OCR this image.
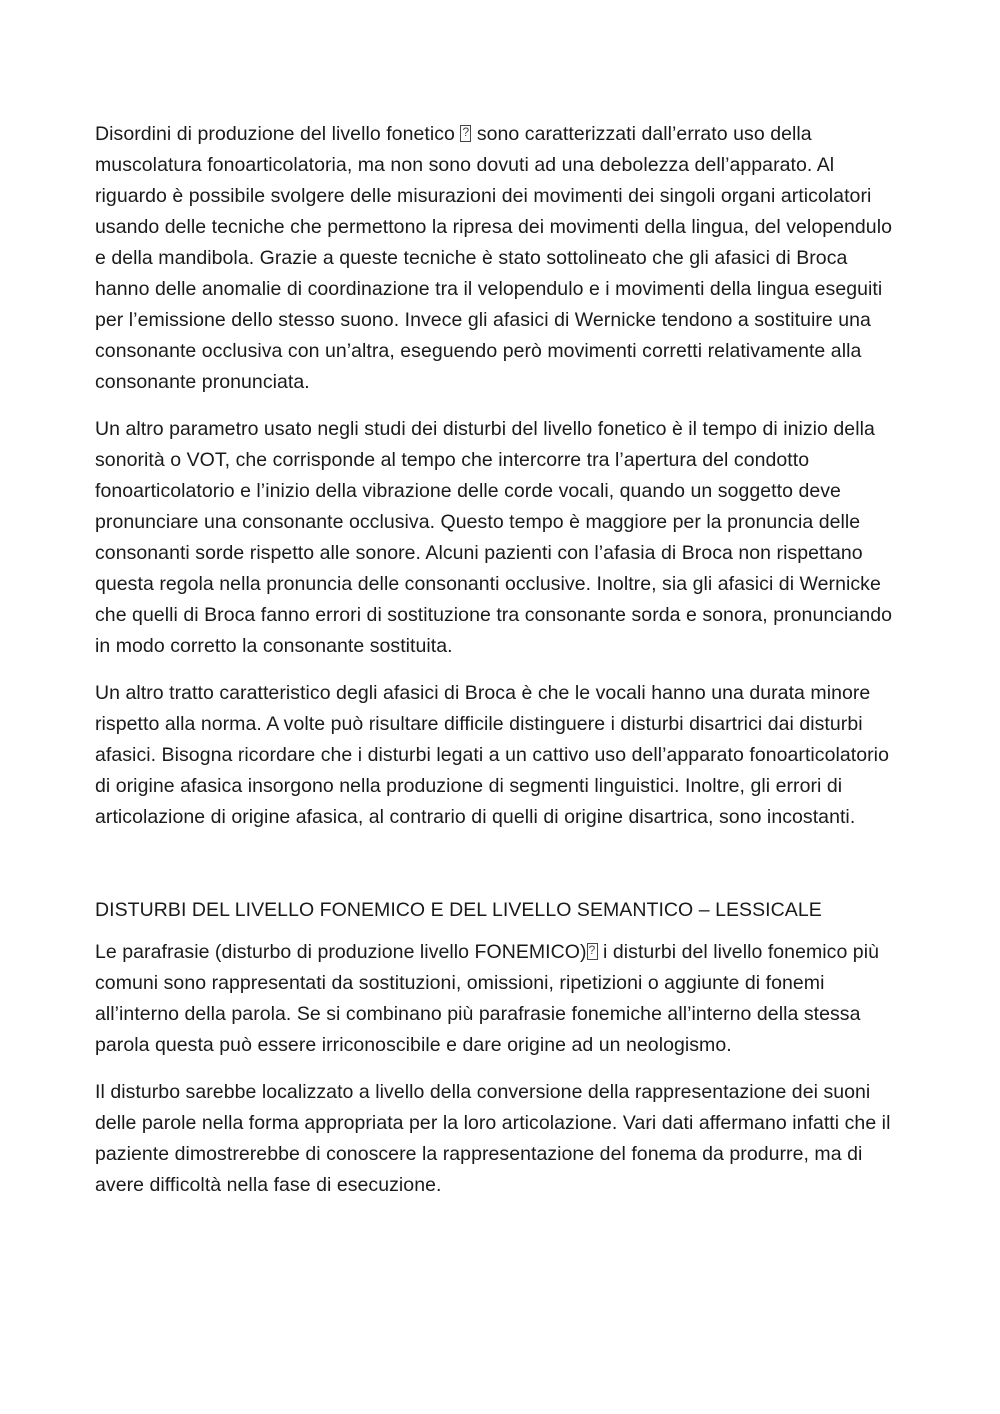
Disordini di produzione del livello fonetico ? sono caratterizzati dall’errato uso della muscolatura fonoarticolatoria, ma non sono dovuti ad una debolezza dell’apparato. Al riguardo è possibile svolgere delle misurazioni dei movimenti dei singoli organi articolatori usando delle tecniche che permettono la ripresa dei movimenti della lingua, del velopendulo e della mandibola. Grazie a queste tecniche è stato sottolineato che gli afasici di Broca hanno delle anomalie di coordinazione tra il velopendulo e i movimenti della lingua eseguiti per l’emissione dello stesso suono. Invece gli afasici di Wernicke tendono a sostituire una consonante occlusiva con un’altra, eseguendo però movimenti corretti relativamente alla consonante pronunciata.

Un altro parametro usato negli studi dei disturbi del livello fonetico è il tempo di inizio della sonorità o VOT, che corrisponde al tempo che intercorre tra l’apertura del condotto fonoarticolatorio e l’inizio della vibrazione delle corde vocali, quando un soggetto deve pronunciare una consonante occlusiva. Questo tempo è maggiore per la pronuncia delle consonanti sorde rispetto alle sonore. Alcuni pazienti con l’afasia di Broca non rispettano questa regola nella pronuncia delle consonanti occlusive. Inoltre, sia gli afasici di Wernicke che quelli di Broca fanno errori di sostituzione tra consonante sorda e sonora, pronunciando in modo corretto la consonante sostituita.

Un altro tratto caratteristico degli afasici di Broca è che le vocali hanno una durata minore rispetto alla norma. A volte può risultare difficile distinguere i disturbi disartrici dai disturbi afasici. Bisogna ricordare che i disturbi legati a un cattivo uso dell’apparato fonoarticolatorio di origine afasica insorgono nella produzione di segmenti linguistici. Inoltre, gli errori di articolazione di origine afasica, al contrario di quelli di origine disartrica, sono incostanti.

DISTURBI DEL LIVELLO FONEMICO E DEL LIVELLO SEMANTICO – LESSICALE

Le parafrasie (disturbo di produzione livello FONEMICO)? i disturbi del livello fonemico più comuni sono rappresentati da sostituzioni, omissioni, ripetizioni o aggiunte di fonemi all’interno della parola. Se si combinano più parafrasie fonemiche all’interno della stessa parola questa può essere irriconoscibile e dare origine ad un neologismo.

Il disturbo sarebbe localizzato a livello della conversione della rappresentazione dei suoni delle parole nella forma appropriata per la loro articolazione. Vari dati affermano infatti che il paziente dimostrerebbe di conoscere la rappresentazione del fonema da produrre, ma di avere difficoltà nella fase di esecuzione.
